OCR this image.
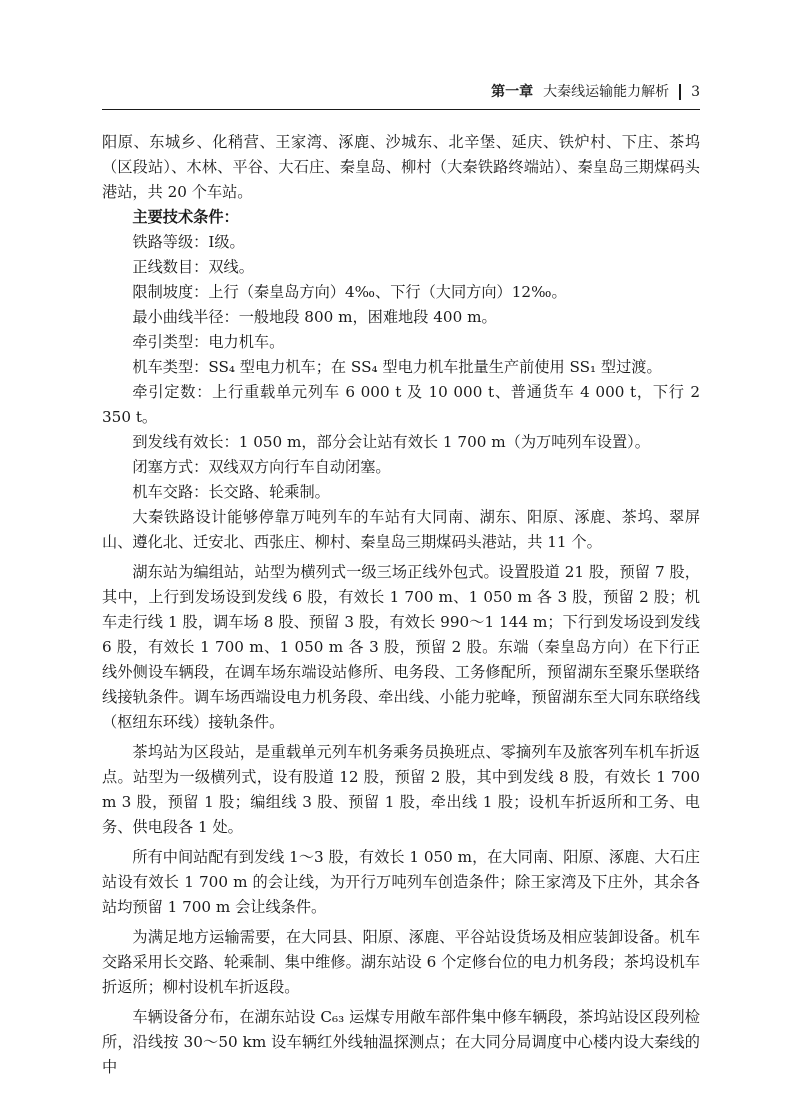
第一章 大秦线运输能力解析 3

阳原、东城乡、化稍营、王家湾、涿鹿、沙城东、北辛堡、延庆、铁炉村、下庄、茶坞（区段站）、木林、平谷、大石庄、秦皇岛、柳村（大秦铁路终端站）、秦皇岛三期煤码头港站，共 20 个车站。

主要技术条件：

铁路等级：Ⅰ级。

正线数目：双线。

限制坡度：上行（秦皇岛方向）4‰、下行（大同方向）12‰。

最小曲线半径：一般地段 800 m，困难地段 400 m。

牵引类型：电力机车。

机车类型：SS₄ 型电力机车；在 SS₄ 型电力机车批量生产前使用 SS₁ 型过渡。

牵引定数：上行重载单元列车 6 000 t 及 10 000 t、普通货车 4 000 t，下行 2 350 t。

到发线有效长：1 050 m，部分会让站有效长 1 700 m（为万吨列车设置）。

闭塞方式：双线双方向行车自动闭塞。

机车交路：长交路、轮乘制。

大秦铁路设计能够停靠万吨列车的车站有大同南、湖东、阳原、涿鹿、茶坞、翠屏山、遵化北、迁安北、西张庄、柳村、秦皇岛三期煤码头港站，共 11 个。

湖东站为编组站，站型为横列式一级三场正线外包式。设置股道 21 股，预留 7 股，其中，上行到发场设到发线 6 股，有效长 1 700 m、1 050 m 各 3 股，预留 2 股；机车走行线 1 股，调车场 8 股、预留 3 股，有效长 990～1 144 m；下行到发场设到发线 6 股，有效长 1 700 m、1 050 m 各 3 股，预留 2 股。东端（秦皇岛方向）在下行正线外侧设车辆段，在调车场东端设站修所、电务段、工务修配所，预留湖东至聚乐堡联络线接轨条件。调车场西端设电力机务段、牵出线、小能力驼峰，预留湖东至大同东联络线（枢纽东环线）接轨条件。

茶坞站为区段站，是重载单元列车机务乘务员换班点、零摘列车及旅客列车机车折返点。站型为一级横列式，设有股道 12 股，预留 2 股，其中到发线 8 股，有效长 1 700 m 3 股，预留 1 股；编组线 3 股、预留 1 股，牵出线 1 股；设机车折返所和工务、电务、供电段各 1 处。

所有中间站配有到发线 1～3 股，有效长 1 050 m，在大同南、阳原、涿鹿、大石庄站设有效长 1 700 m 的会让线，为开行万吨列车创造条件；除王家湾及下庄外，其余各站均预留 1 700 m 会让线条件。

为满足地方运输需要，在大同县、阳原、涿鹿、平谷站设货场及相应装卸设备。机车交路采用长交路、轮乘制、集中维修。湖东站设 6 个定修台位的电力机务段；茶坞设机车折返所；柳村设机车折返段。

车辆设备分布，在湖东站设 C₆₃ 运煤专用敞车部件集中修车辆段，茶坞站设区段列检所，沿线按 30～50 km 设车辆红外线轴温探测点；在大同分局调度中心楼内设大秦线的中
